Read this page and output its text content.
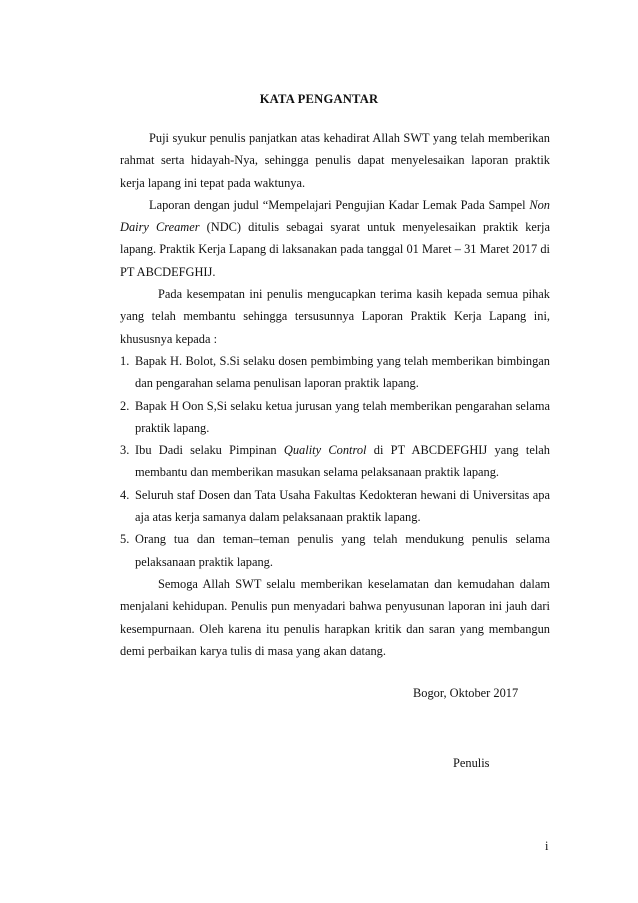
KATA PENGANTAR

Puji syukur penulis panjatkan atas kehadirat Allah SWT yang telah memberikan rahmat serta hidayah-Nya, sehingga penulis dapat menyelesaikan laporan praktik kerja lapang ini tepat pada waktunya.

Laporan dengan judul “Mempelajari Pengujian Kadar Lemak Pada Sampel Non Dairy Creamer (NDC) ditulis sebagai syarat untuk menyelesaikan praktik kerja lapang. Praktik Kerja Lapang di laksanakan pada tanggal 01 Maret – 31 Maret 2017 di PT ABCDEFGHIJ.

Pada kesempatan ini penulis mengucapkan terima kasih kepada semua pihak yang telah membantu sehingga tersusunnya Laporan Praktik Kerja Lapang ini, khususnya kepada :

1. Bapak H. Bolot, S.Si selaku dosen pembimbing yang telah memberikan bimbingan dan pengarahan selama penulisan laporan praktik lapang.
2. Bapak H Oon S,Si selaku ketua jurusan yang telah memberikan pengarahan selama praktik lapang.
3. Ibu Dadi selaku Pimpinan Quality Control di PT ABCDEFGHIJ yang telah membantu dan memberikan masukan selama pelaksanaan praktik lapang.
4. Seluruh staf Dosen dan Tata Usaha Fakultas Kedokteran hewani di Universitas apa aja atas kerja samanya dalam pelaksanaan praktik lapang.
5. Orang tua dan teman–teman penulis yang telah mendukung penulis selama pelaksanaan praktik lapang.

Semoga Allah SWT selalu memberikan keselamatan dan kemudahan dalam menjalani kehidupan. Penulis pun menyadari bahwa penyusunan laporan ini jauh dari kesempurnaan. Oleh karena itu penulis harapkan kritik dan saran yang membangun demi perbaikan karya tulis di masa yang akan datang.

Bogor, Oktober 2017
Penulis
i
